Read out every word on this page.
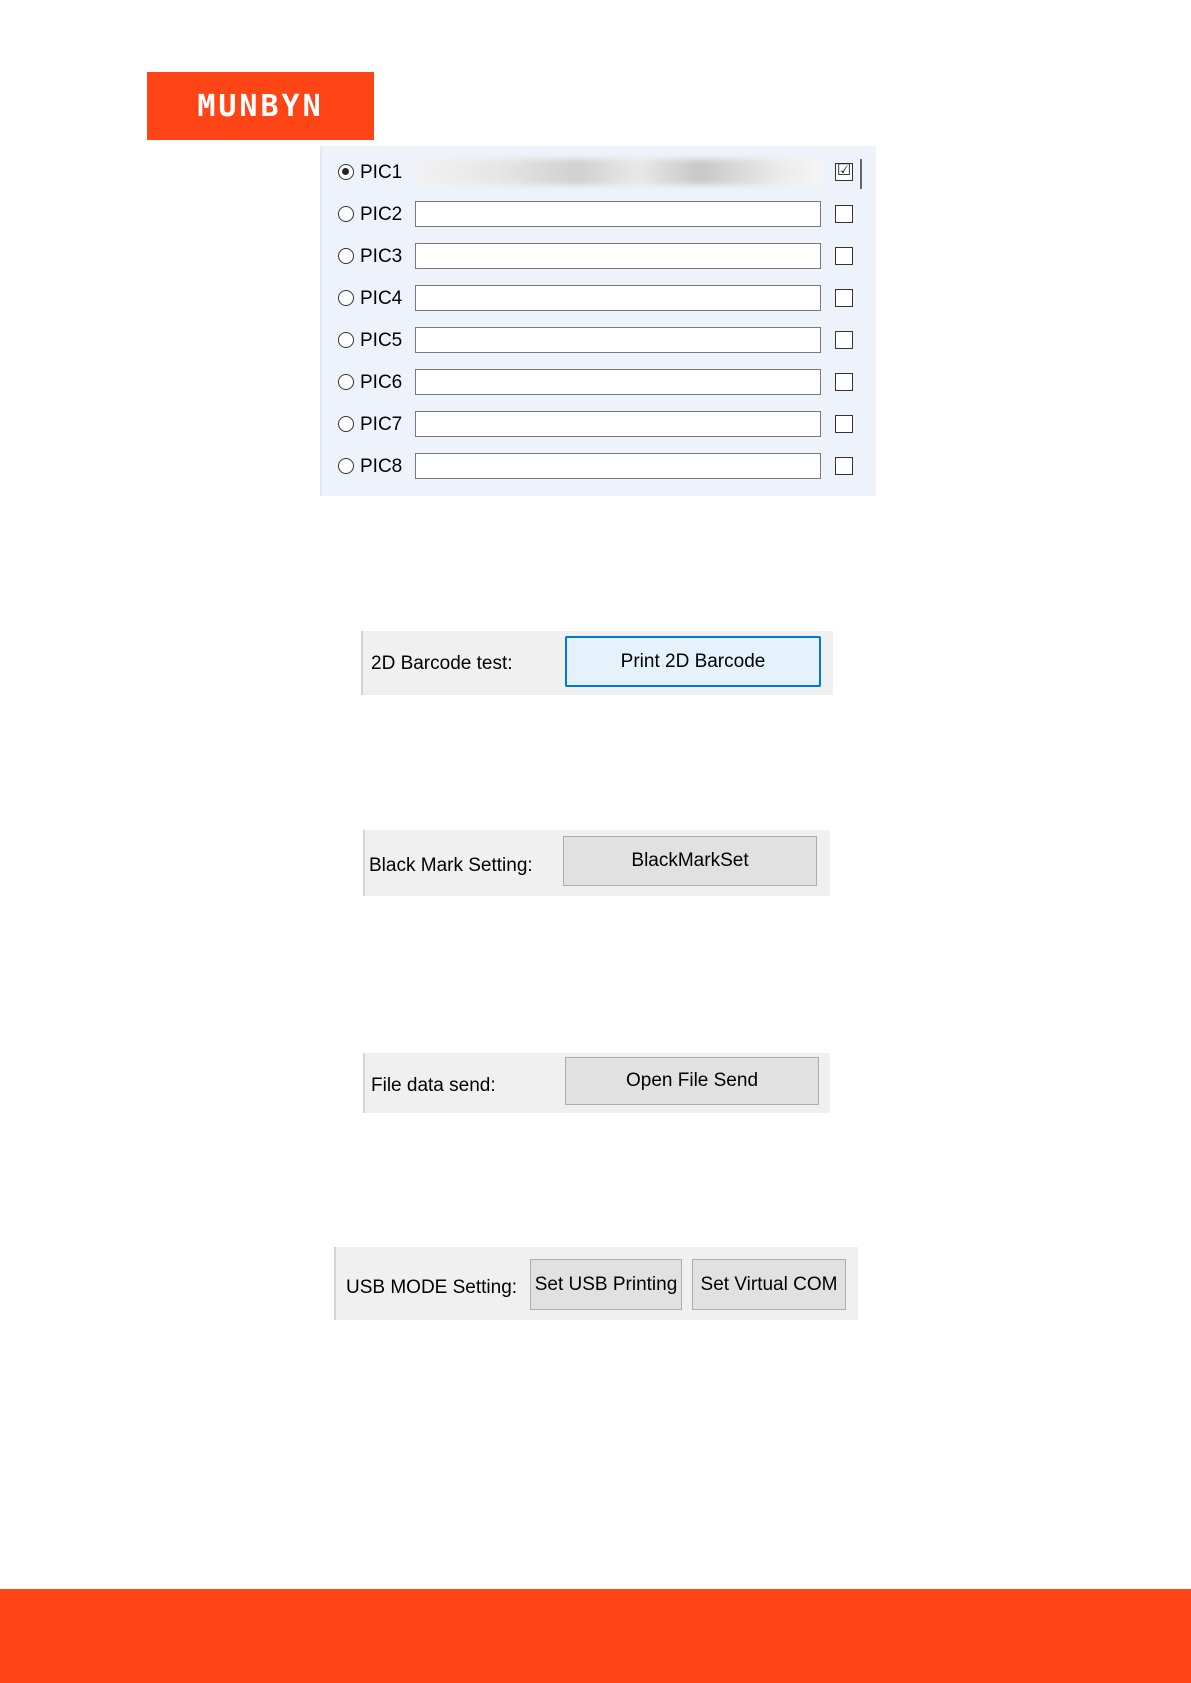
MUNBYN
PIC1	☑
PIC2
PIC3
PIC4
PIC5
PIC6
PIC7
PIC8
2D Barcode test:	Print 2D Barcode
Black Mark Setting:	BlackMarkSet
File data send:	Open File Send
USB MODE Setting: Set USB Printing	Set Virtual COM
